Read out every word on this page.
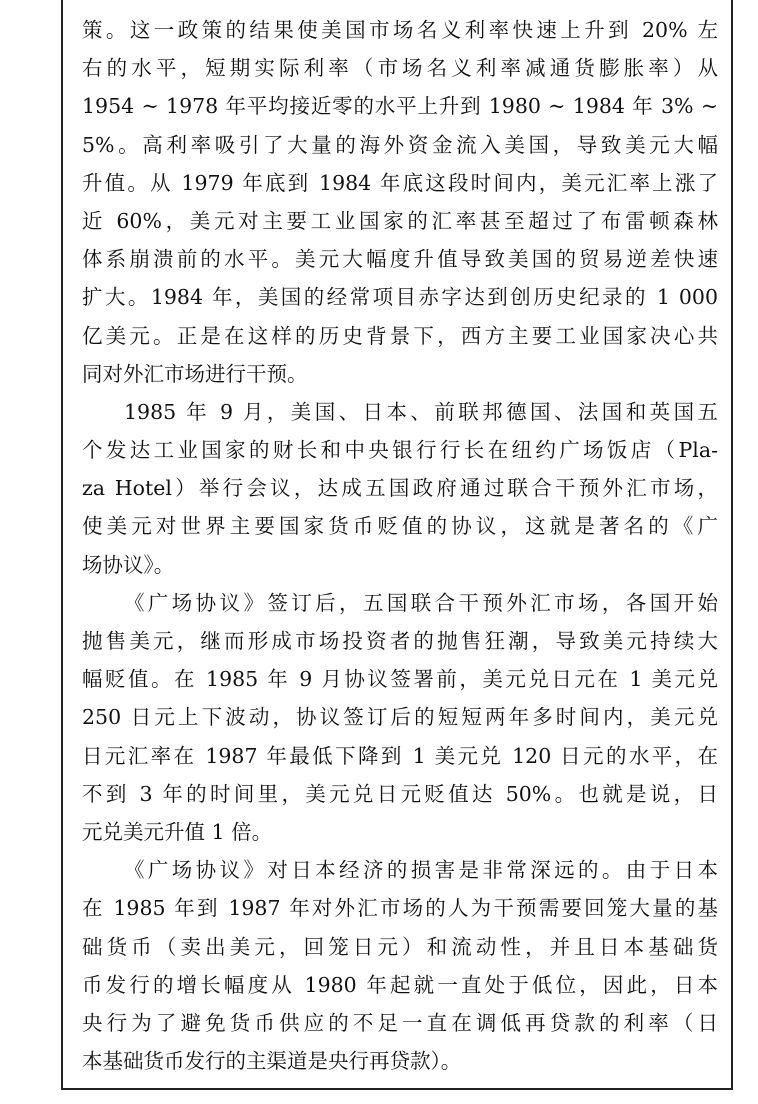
策。这一政策的结果使美国市场名义利率快速上升到 20% 左
右的水平，短期实际利率（市场名义利率减通货膨胀率）从
1954 ~ 1978 年平均接近零的水平上升到 1980 ~ 1984 年 3% ~
5%。高利率吸引了大量的海外资金流入美国，导致美元大幅
升值。从 1979 年底到 1984 年底这段时间内，美元汇率上涨了
近 60%，美元对主要工业国家的汇率甚至超过了布雷顿森林
体系崩溃前的水平。美元大幅度升值导致美国的贸易逆差快速
扩大。1984 年，美国的经常项目赤字达到创历史纪录的 1 000
亿美元。正是在这样的历史背景下，西方主要工业国家决心共
同对外汇市场进行干预。
1985 年 9 月，美国、日本、前联邦德国、法国和英国五
个发达工业国家的财长和中央银行行长在纽约广场饭店（Pla-
za Hotel）举行会议，达成五国政府通过联合干预外汇市场，
使美元对世界主要国家货币贬值的协议，这就是著名的《广
场协议》。
《广场协议》签订后，五国联合干预外汇市场，各国开始
抛售美元，继而形成市场投资者的抛售狂潮，导致美元持续大
幅贬值。在 1985 年 9 月协议签署前，美元兑日元在 1 美元兑
250 日元上下波动，协议签订后的短短两年多时间内，美元兑
日元汇率在 1987 年最低下降到 1 美元兑 120 日元的水平，在
不到 3 年的时间里，美元兑日元贬值达 50%。也就是说，日
元兑美元升值 1 倍。
《广场协议》对日本经济的损害是非常深远的。由于日本
在 1985 年到 1987 年对外汇市场的人为干预需要回笼大量的基
础货币（卖出美元，回笼日元）和流动性，并且日本基础货
币发行的增长幅度从 1980 年起就一直处于低位，因此，日本
央行为了避免货币供应的不足一直在调低再贷款的利率（日
本基础货币发行的主渠道是央行再贷款）。
